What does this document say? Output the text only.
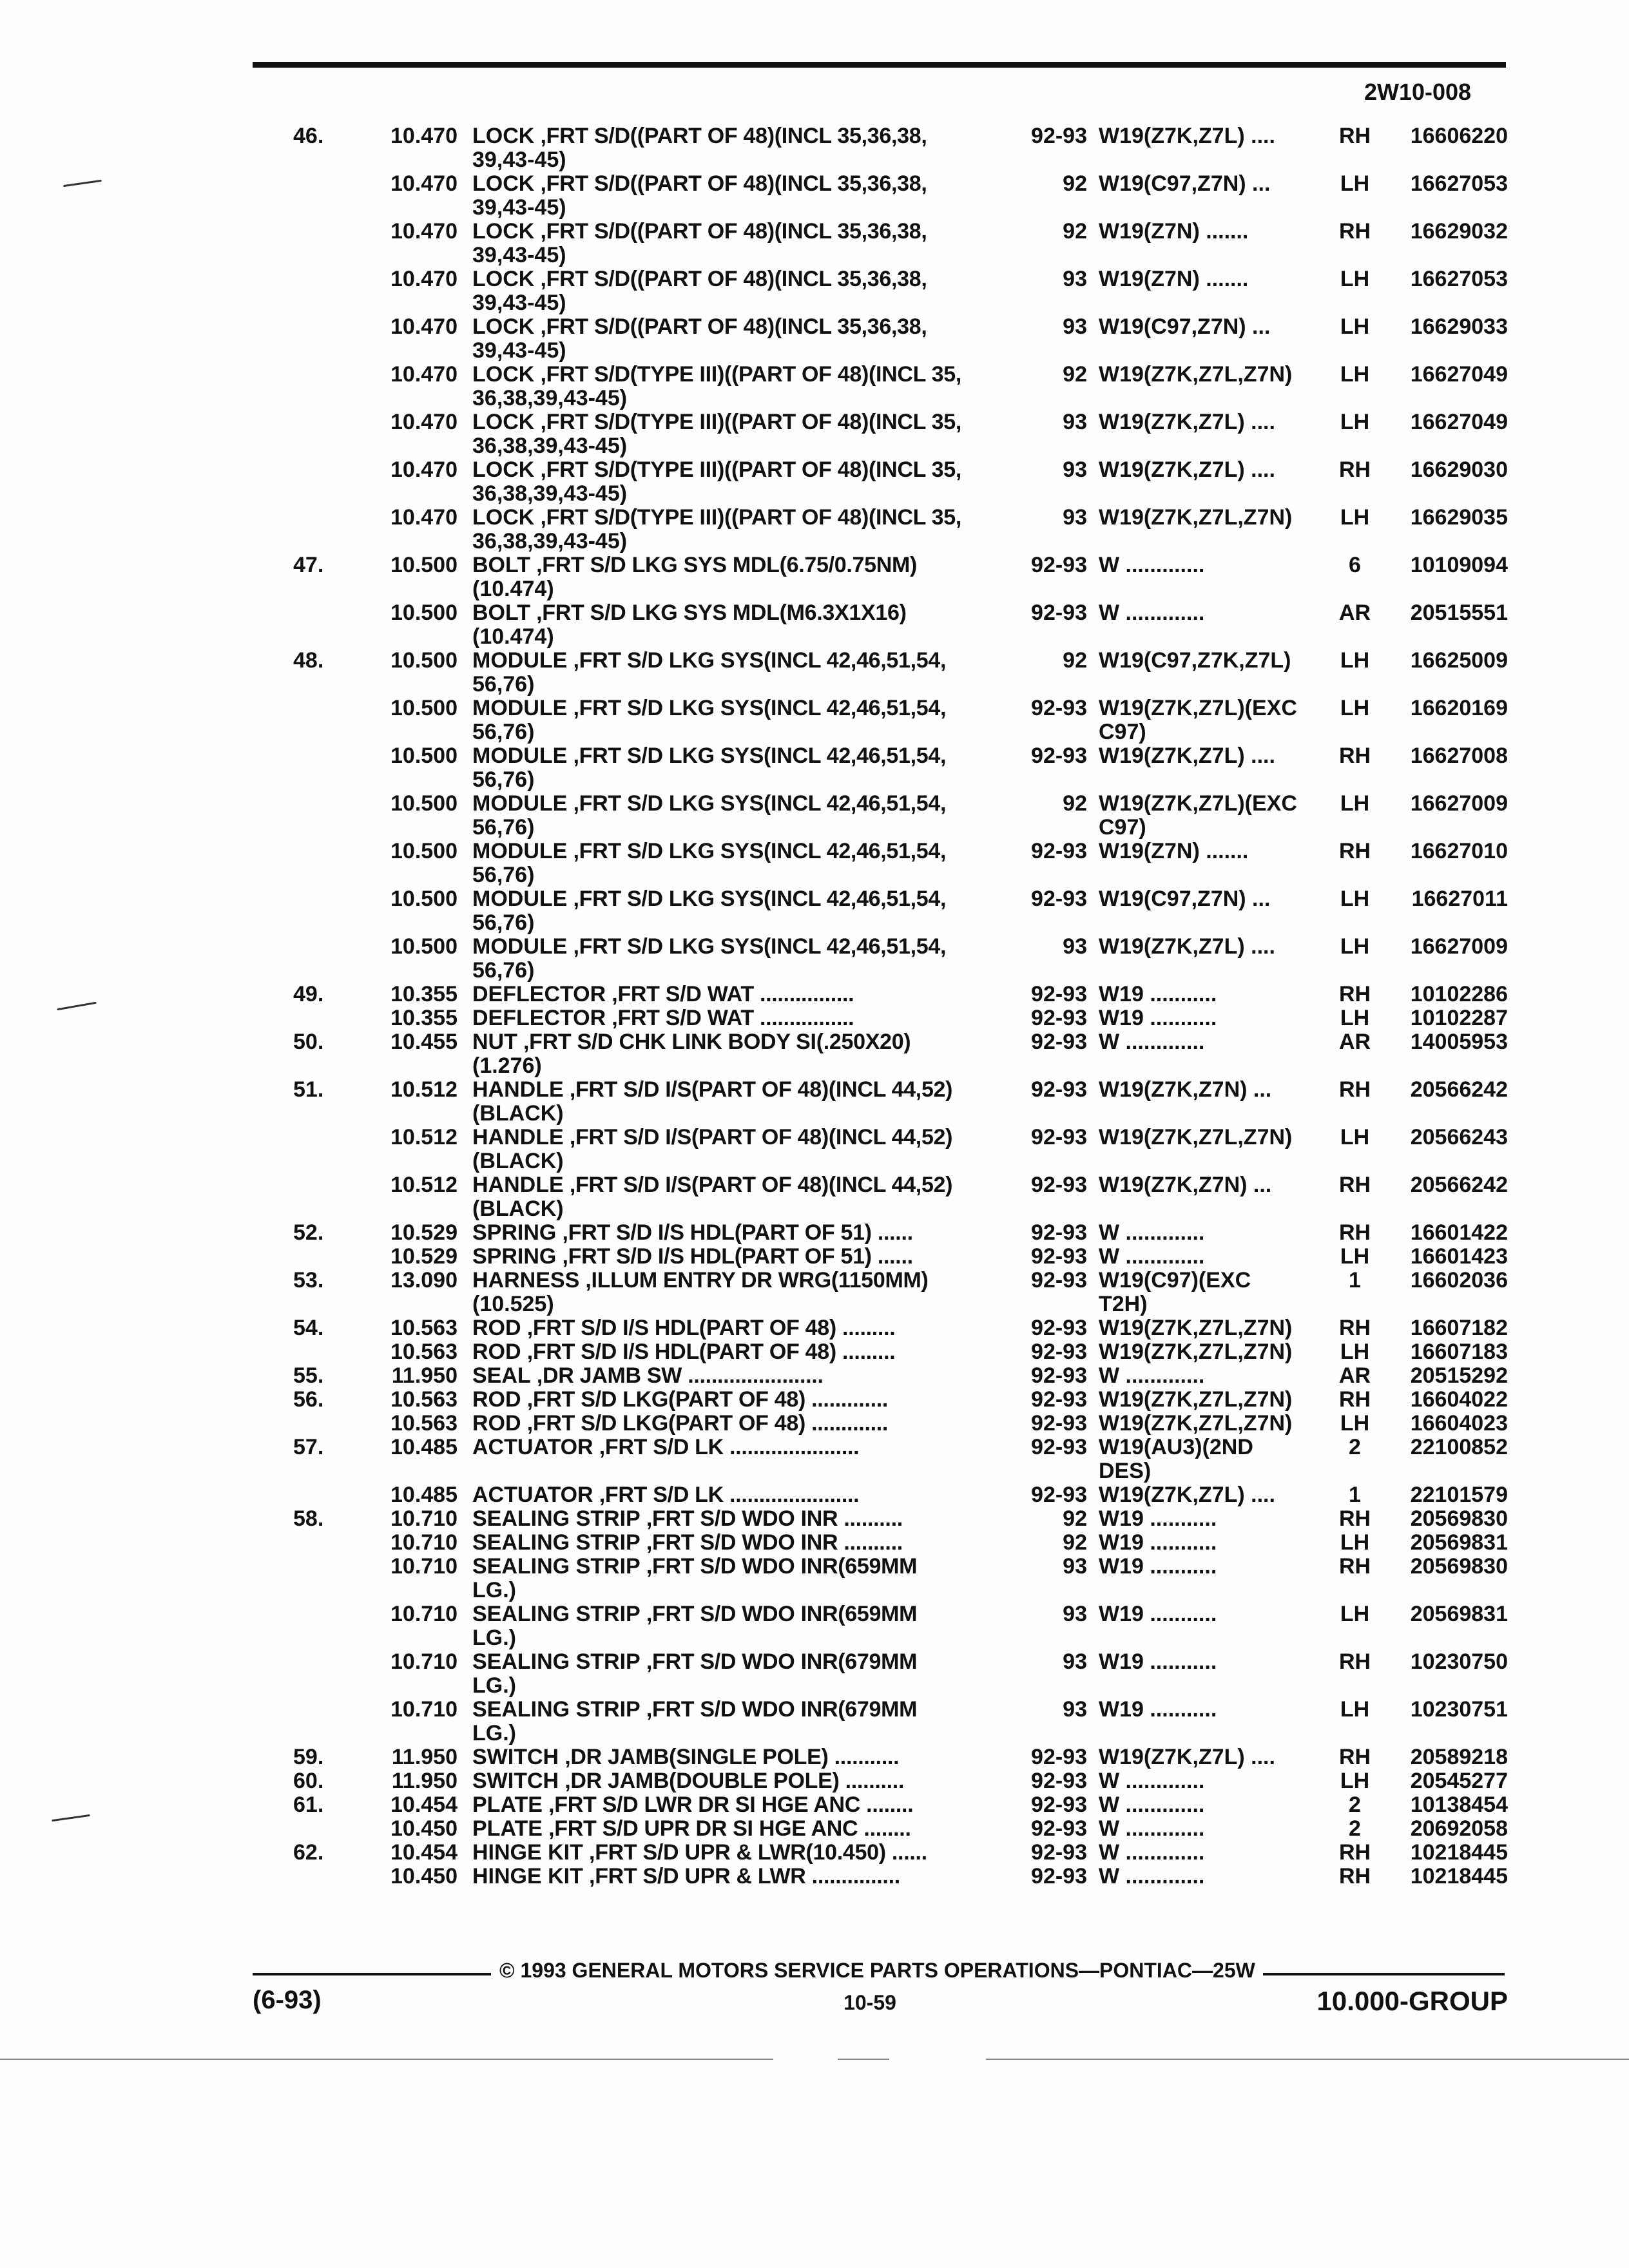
2W10-008
46.	10.470 LOCK ,FRT S/D((PART OF 48)(INCL 35,36,38,
39,43-45)
92-93 W19(Z7K,Z7L) ....	RH	16606220
10.470 LOCK ,FRT S/D((PART OF 48)(INCL 35,36,38,
39,43-45)
92 W19(C97,Z7N) ...	LH	16627053
10.470 LOCK ,FRT S/D((PART OF 48)(INCL 35,36,38,
39,43-45)
92 W19(Z7N) .......	RH	16629032
10.470 LOCK ,FRT S/D((PART OF 48)(INCL 35,36,38,
39,43-45)
93 W19(Z7N) .......	LH	16627053
10.470 LOCK ,FRT S/D((PART OF 48)(INCL 35,36,38,
39,43-45)
93 W19(C97,Z7N) ...	LH	16629033
10.470 LOCK ,FRT S/D(TYPE III)((PART OF 48)(INCL 35,
36,38,39,43-45)
92 W19(Z7K,Z7L,Z7N)	LH	16627049
10.470 LOCK ,FRT S/D(TYPE III)((PART OF 48)(INCL 35,
36,38,39,43-45)
93 W19(Z7K,Z7L) ....	LH	16627049
10.470 LOCK ,FRT S/D(TYPE III)((PART OF 48)(INCL 35,
36,38,39,43-45)
93 W19(Z7K,Z7L) ....	RH	16629030
10.470 LOCK ,FRT S/D(TYPE III)((PART OF 48)(INCL 35,
36,38,39,43-45)
93 W19(Z7K,Z7L,Z7N)	LH	16629035
47.	10.500 BOLT ,FRT S/D LKG SYS MDL(6.75/0.75NM)
(10.474)
92-93 W .............	6	10109094
10.500 BOLT ,FRT S/D LKG SYS MDL(M6.3X1X16)
(10.474)
92-93 W .............	AR	20515551
48.	10.500 MODULE ,FRT S/D LKG SYS(INCL 42,46,51,54,
56,76)
92 W19(C97,Z7K,Z7L)	LH	16625009
10.500 MODULE ,FRT S/D LKG SYS(INCL 42,46,51,54,
56,76)
92-93 W19(Z7K,Z7L)(EXC
C97)
LH	16620169
10.500 MODULE ,FRT S/D LKG SYS(INCL 42,46,51,54,
56,76)
92-93 W19(Z7K,Z7L) ....	RH	16627008
10.500 MODULE ,FRT S/D LKG SYS(INCL 42,46,51,54,
56,76)
92 W19(Z7K,Z7L)(EXC
C97)
LH	16627009
10.500 MODULE ,FRT S/D LKG SYS(INCL 42,46,51,54,
56,76)
92-93 W19(Z7N) .......	RH	16627010
10.500 MODULE ,FRT S/D LKG SYS(INCL 42,46,51,54,
56,76)
92-93 W19(C97,Z7N) ...	LH	16627011
10.500 MODULE ,FRT S/D LKG SYS(INCL 42,46,51,54,
56,76)
93 W19(Z7K,Z7L) ....	LH	16627009
49.	10.355 DEFLECTOR ,FRT S/D WAT ................	92-93 W19 ...........	RH	10102286
10.355 DEFLECTOR ,FRT S/D WAT ................	92-93 W19 ...........	LH	10102287
50.	10.455 NUT ,FRT S/D CHK LINK BODY SI(.250X20)
(1.276)
92-93 W .............	AR	14005953
51.	10.512 HANDLE ,FRT S/D I/S(PART OF 48)(INCL 44,52)
(BLACK)
92-93 W19(Z7K,Z7N) ...	RH	20566242
10.512 HANDLE ,FRT S/D I/S(PART OF 48)(INCL 44,52)
(BLACK)
92-93 W19(Z7K,Z7L,Z7N)	LH	20566243
10.512 HANDLE ,FRT S/D I/S(PART OF 48)(INCL 44,52)
(BLACK)
92-93 W19(Z7K,Z7N) ...	RH	20566242
52.	10.529 SPRING ,FRT S/D I/S HDL(PART OF 51) ......	92-93 W .............	RH	16601422
10.529 SPRING ,FRT S/D I/S HDL(PART OF 51) ......	92-93 W .............	LH	16601423
53.	13.090 HARNESS ,ILLUM ENTRY DR WRG(1150MM)
(10.525)
92-93 W19(C97)(EXC
T2H)
1	16602036
54.	10.563 ROD ,FRT S/D I/S HDL(PART OF 48) .........	92-93 W19(Z7K,Z7L,Z7N)	RH	16607182
10.563 ROD ,FRT S/D I/S HDL(PART OF 48) .........	92-93 W19(Z7K,Z7L,Z7N)	LH	16607183
55.	11.950 SEAL ,DR JAMB SW .......................	92-93 W .............	AR	20515292
56.	10.563 ROD ,FRT S/D LKG(PART OF 48) .............	92-93 W19(Z7K,Z7L,Z7N)	RH	16604022
10.563 ROD ,FRT S/D LKG(PART OF 48) .............	92-93 W19(Z7K,Z7L,Z7N)	LH	16604023
57.	10.485 ACTUATOR ,FRT S/D LK ......................	92-93 W19(AU3)(2ND
DES)
2	22100852
10.485 ACTUATOR ,FRT S/D LK ......................	92-93 W19(Z7K,Z7L) ....	1	22101579
58.	10.710 SEALING STRIP ,FRT S/D WDO INR ..........	92 W19 ...........	RH	20569830
10.710 SEALING STRIP ,FRT S/D WDO INR ..........	92 W19 ...........	LH	20569831
10.710 SEALING STRIP ,FRT S/D WDO INR(659MM
LG.)
93 W19 ...........	RH	20569830
10.710 SEALING STRIP ,FRT S/D WDO INR(659MM
LG.)
93 W19 ...........	LH	20569831
10.710 SEALING STRIP ,FRT S/D WDO INR(679MM
LG.)
93 W19 ...........	RH	10230750
10.710 SEALING STRIP ,FRT S/D WDO INR(679MM
LG.)
93 W19 ...........	LH	10230751
59.	11.950 SWITCH ,DR JAMB(SINGLE POLE) ...........	92-93 W19(Z7K,Z7L) ....	RH	20589218
60.	11.950 SWITCH ,DR JAMB(DOUBLE POLE) ..........	92-93 W .............	LH	20545277
61.	10.454 PLATE ,FRT S/D LWR DR SI HGE ANC ........	92-93 W .............	2	10138454
10.450 PLATE ,FRT S/D UPR DR SI HGE ANC ........	92-93 W .............	2	20692058
62.	10.454 HINGE KIT ,FRT S/D UPR & LWR(10.450) ......	92-93 W .............	RH	10218445
10.450 HINGE KIT ,FRT S/D UPR & LWR ...............	92-93 W .............	RH	10218445
© 1993 GENERAL MOTORS SERVICE PARTS OPERATIONS—PONTIAC—25W
(6-93)	10-59	10.000-GROUP
